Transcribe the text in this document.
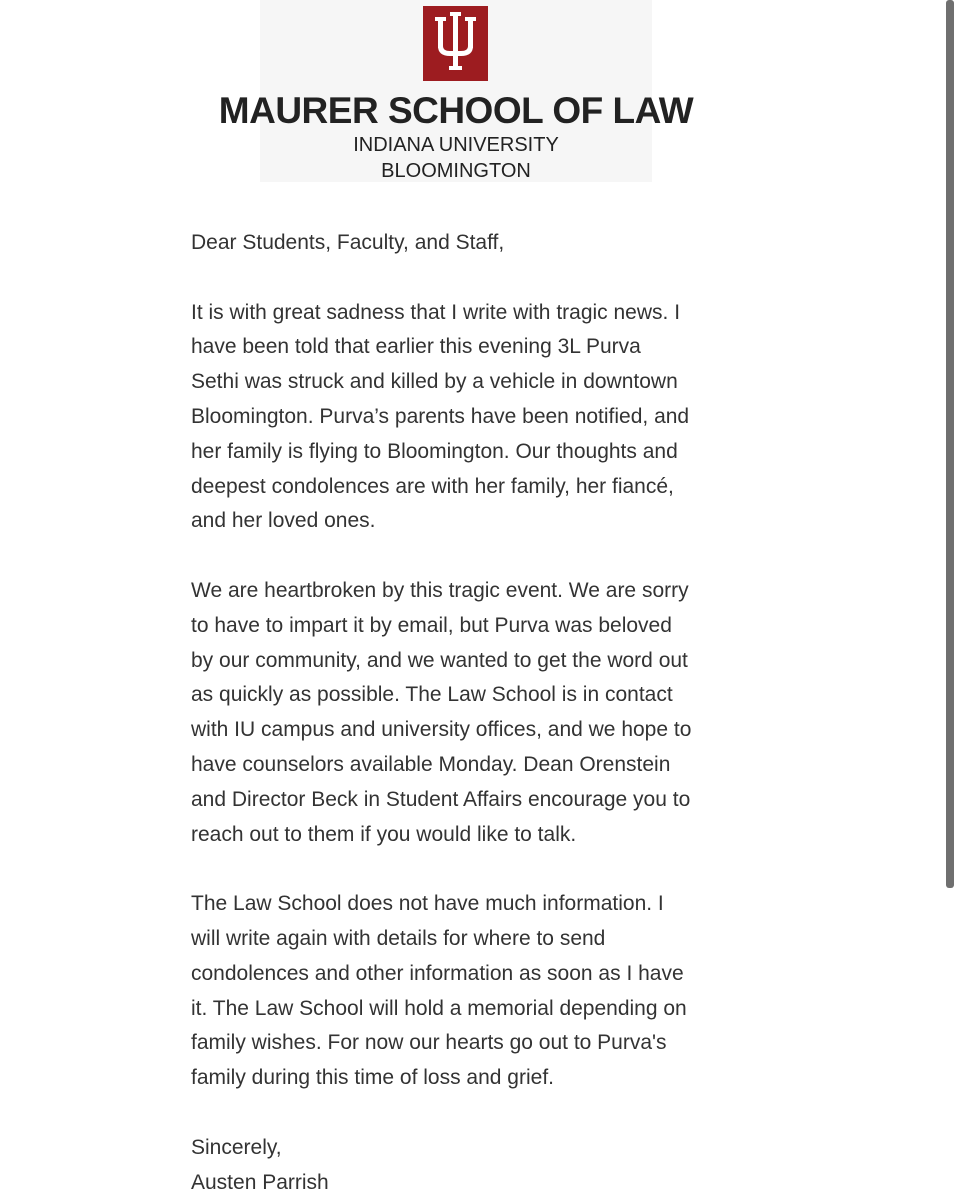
MAURER SCHOOL OF LAW
INDIANA UNIVERSITY
BLOOMINGTON

Dear Students, Faculty, and Staff,

It is with great sadness that I write with tragic news. I
have been told that earlier this evening 3L Purva
Sethi was struck and killed by a vehicle in downtown
Bloomington. Purva’s parents have been notified, and
her family is flying to Bloomington. Our thoughts and
deepest condolences are with her family, her fiancé,
and her loved ones.

We are heartbroken by this tragic event. We are sorry
to have to impart it by email, but Purva was beloved
by our community, and we wanted to get the word out
as quickly as possible. The Law School is in contact
with IU campus and university offices, and we hope to
have counselors available Monday. Dean Orenstein
and Director Beck in Student Affairs encourage you to
reach out to them if you would like to talk.

The Law School does not have much information. I
will write again with details for where to send
condolences and other information as soon as I have
it. The Law School will hold a memorial depending on
family wishes. For now our hearts go out to Purva's
family during this time of loss and grief.

Sincerely,
Austen Parrish
